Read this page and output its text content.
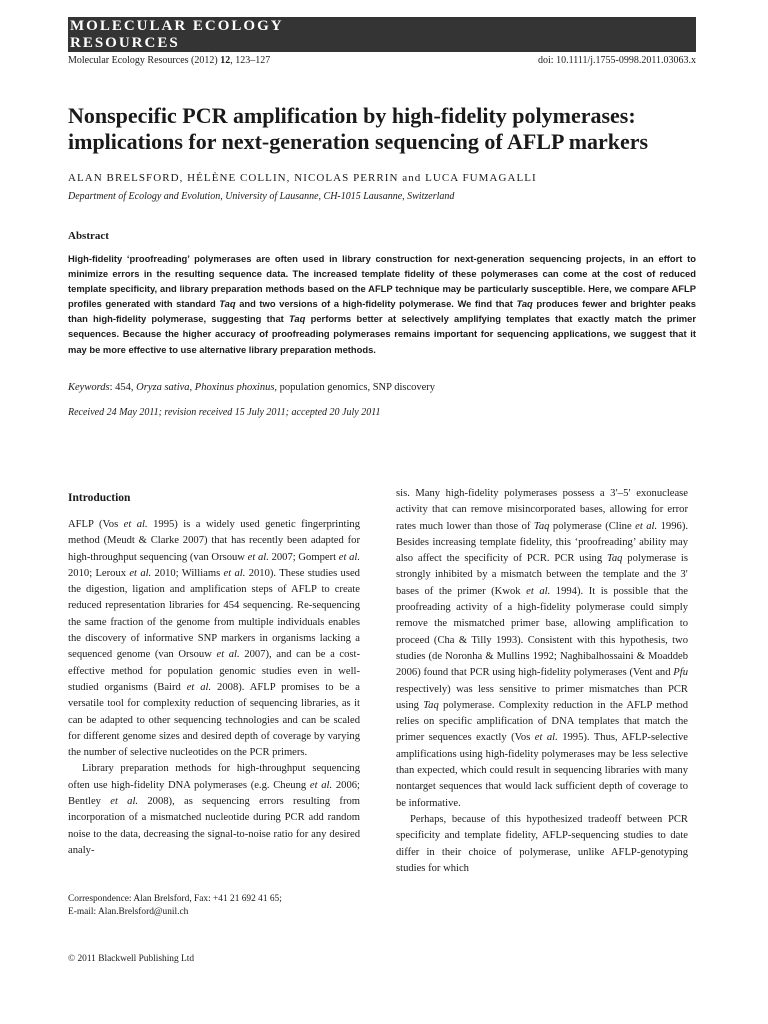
MOLECULAR ECOLOGY
RESOURCES
Molecular Ecology Resources (2012) 12, 123–127	doi: 10.1111/j.1755-0998.2011.03063.x
Nonspecific PCR amplification by high-fidelity polymerases: implications for next-generation sequencing of AFLP markers
ALAN BRELSFORD, HÉLÈNE COLLIN, NICOLAS PERRIN and LUCA FUMAGALLI
Department of Ecology and Evolution, University of Lausanne, CH-1015 Lausanne, Switzerland
Abstract
High-fidelity ‘proofreading’ polymerases are often used in library construction for next-generation sequencing projects, in an effort to minimize errors in the resulting sequence data. The increased template fidelity of these polymerases can come at the cost of reduced template specificity, and library preparation methods based on the AFLP technique may be particularly susceptible. Here, we compare AFLP profiles generated with standard Taq and two versions of a high-fidelity polymerase. We find that Taq produces fewer and brighter peaks than high-fidelity polymerase, suggesting that Taq performs better at selectively amplifying templates that exactly match the primer sequences. Because the higher accuracy of proofreading polymerases remains important for sequencing applications, we suggest that it may be more effective to use alternative library preparation methods.
Keywords: 454, Oryza sativa, Phoxinus phoxinus, population genomics, SNP discovery
Received 24 May 2011; revision received 15 July 2011; accepted 20 July 2011
Introduction

AFLP (Vos et al. 1995) is a widely used genetic fingerprinting method (Meudt & Clarke 2007) that has recently been adapted for high-throughput sequencing (van Orsouw et al. 2007; Gompert et al. 2010; Leroux et al. 2010; Williams et al. 2010). These studies used the digestion, ligation and amplification steps of AFLP to create reduced representation libraries for 454 sequencing. Re-sequencing the same fraction of the genome from multiple individuals enables the discovery of informative SNP markers in organisms lacking a sequenced genome (van Orsouw et al. 2007), and can be a cost-effective method for population genomic studies even in well-studied organisms (Baird et al. 2008). AFLP promises to be a versatile tool for complexity reduction of sequencing libraries, as it can be adapted to other sequencing technologies and can be scaled for different genome sizes and desired depth of coverage by varying the number of selective nucleotides on the PCR primers.

Library preparation methods for high-throughput sequencing often use high-fidelity DNA polymerases (e.g. Cheung et al. 2006; Bentley et al. 2008), as sequencing errors resulting from incorporation of a mismatched nucleotide during PCR add random noise to the data, decreasing the signal-to-noise ratio for any desired analy-

sis. Many high-fidelity polymerases possess a 3′–5′ exonuclease activity that can remove misincorporated bases, allowing for error rates much lower than those of Taq polymerase (Cline et al. 1996). Besides increasing template fidelity, this ‘proofreading’ ability may also affect the specificity of PCR. PCR using Taq polymerase is strongly inhibited by a mismatch between the template and the 3′ bases of the primer (Kwok et al. 1994). It is possible that the proofreading activity of a high-fidelity polymerase could simply remove the mismatched primer base, allowing amplification to proceed (Cha & Tilly 1993). Consistent with this hypothesis, two studies (de Noronha & Mullins 1992; Naghibalhossaini & Moaddeb 2006) found that PCR using high-fidelity polymerases (Vent and Pfu respectively) was less sensitive to primer mismatches than PCR using Taq polymerase. Complexity reduction in the AFLP method relies on specific amplification of DNA templates that match the primer sequences exactly (Vos et al. 1995). Thus, AFLP-selective amplifications using high-fidelity polymerases may be less selective than expected, which could result in sequencing libraries with many nontarget sequences that would lack sufficient depth of coverage to be informative.

Perhaps, because of this hypothesized tradeoff between PCR specificity and template fidelity, AFLP-sequencing studies to date differ in their choice of polymerase, unlike AFLP-genotyping studies for which

Correspondence: Alan Brelsford, Fax: +41 21 692 41 65;
E-mail: Alan.Brelsford@unil.ch
© 2011 Blackwell Publishing Ltd
